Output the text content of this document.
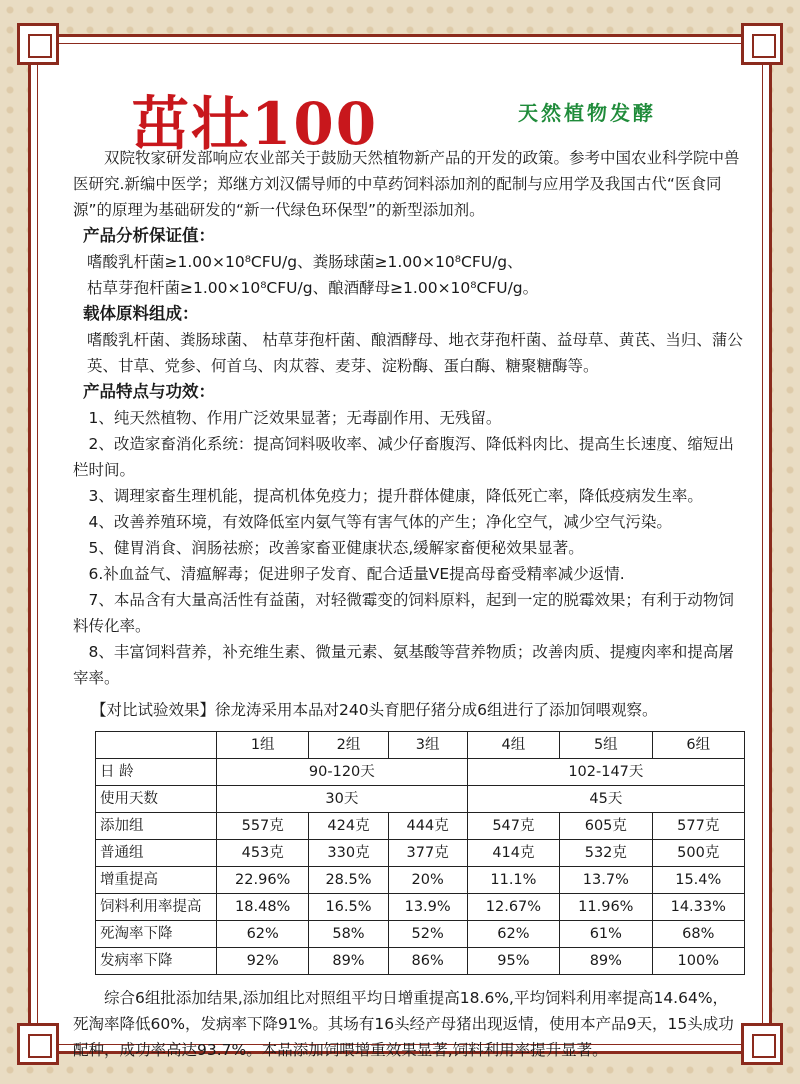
茁壮100	天然植物发酵

双院牧家研发部响应农业部关于鼓励天然植物新产品的开发的政策。参考中国农业科学院中兽医研究.新编中医学；郑继方刘汉儒导师的中草药饲料添加剂的配制与应用学及我国古代“医食同源”的原理为基础研发的“新一代绿色环保型”的新型添加剂。

产品分析保证值：

嗜酸乳杆菌≥1.00×10⁸CFU/g、粪肠球菌≥1.00×10⁸CFU/g、

枯草芽孢杆菌≥1.00×10⁸CFU/g、酿酒酵母≥1.00×10⁸CFU/g。

载体原料组成：

嗜酸乳杆菌、粪肠球菌、 枯草芽孢杆菌、酿酒酵母、地衣芽孢杆菌、益母草、黄芪、当归、蒲公英、甘草、党参、何首乌、肉苁蓉、麦芽、淀粉酶、蛋白酶、糖聚糖酶等。

产品特点与功效：

1、纯天然植物、作用广泛效果显著；无毒副作用、无残留。

2、改造家畜消化系统：提高饲料吸收率、减少仔畜腹泻、降低料肉比、提高生长速度、缩短出栏时间。

3、调理家畜生理机能，提高机体免疫力；提升群体健康，降低死亡率，降低疫病发生率。

4、改善养殖环境，有效降低室内氨气等有害气体的产生；净化空气，减少空气污染。

5、健胃消食、润肠祛瘀；改善家畜亚健康状态,缓解家畜便秘效果显著。

6.补血益气、清瘟解毒；促进卵子发育、配合适量VE提高母畜受精率减少返情.

7、本品含有大量高活性有益菌，对轻微霉变的饲料原料，起到一定的脱霉效果；有利于动物饲料传化率。

8、丰富饲料营养，补充维生素、微量元素、氨基酸等营养物质；改善肉质、提瘦肉率和提高屠宰率。

【对比试验效果】徐龙涛采用本品对240头育肥仔猪分成6组进行了添加饲喂观察。

	1组	2组	3组	4组	5组	6组
日 龄	90-120天			102-147天		
使用天数	30天			45天		
添加组	557克	424克	444克	547克	605克	577克
普通组	453克	330克	377克	414克	532克	500克
增重提高	22.96%	28.5%	20%	11.1%	13.7%	15.4%
饲料利用率提高	18.48%	16.5%	13.9%	12.67%	11.96%	14.33%
死淘率下降	62%	58%	52%	62%	61%	68%
发病率下降	92%	89%	86%	95%	89%	100%

综合6组批添加结果,添加组比对照组平均日增重提高18.6%,平均饲料利用率提高14.64%，死淘率降低60%，发病率下降91%。其场有16头经产母猪出现返情，使用本产品9天，15头成功配种，成功率高达93.7%。本品添加饲喂增重效果显著,饲料利用率提升显著。
